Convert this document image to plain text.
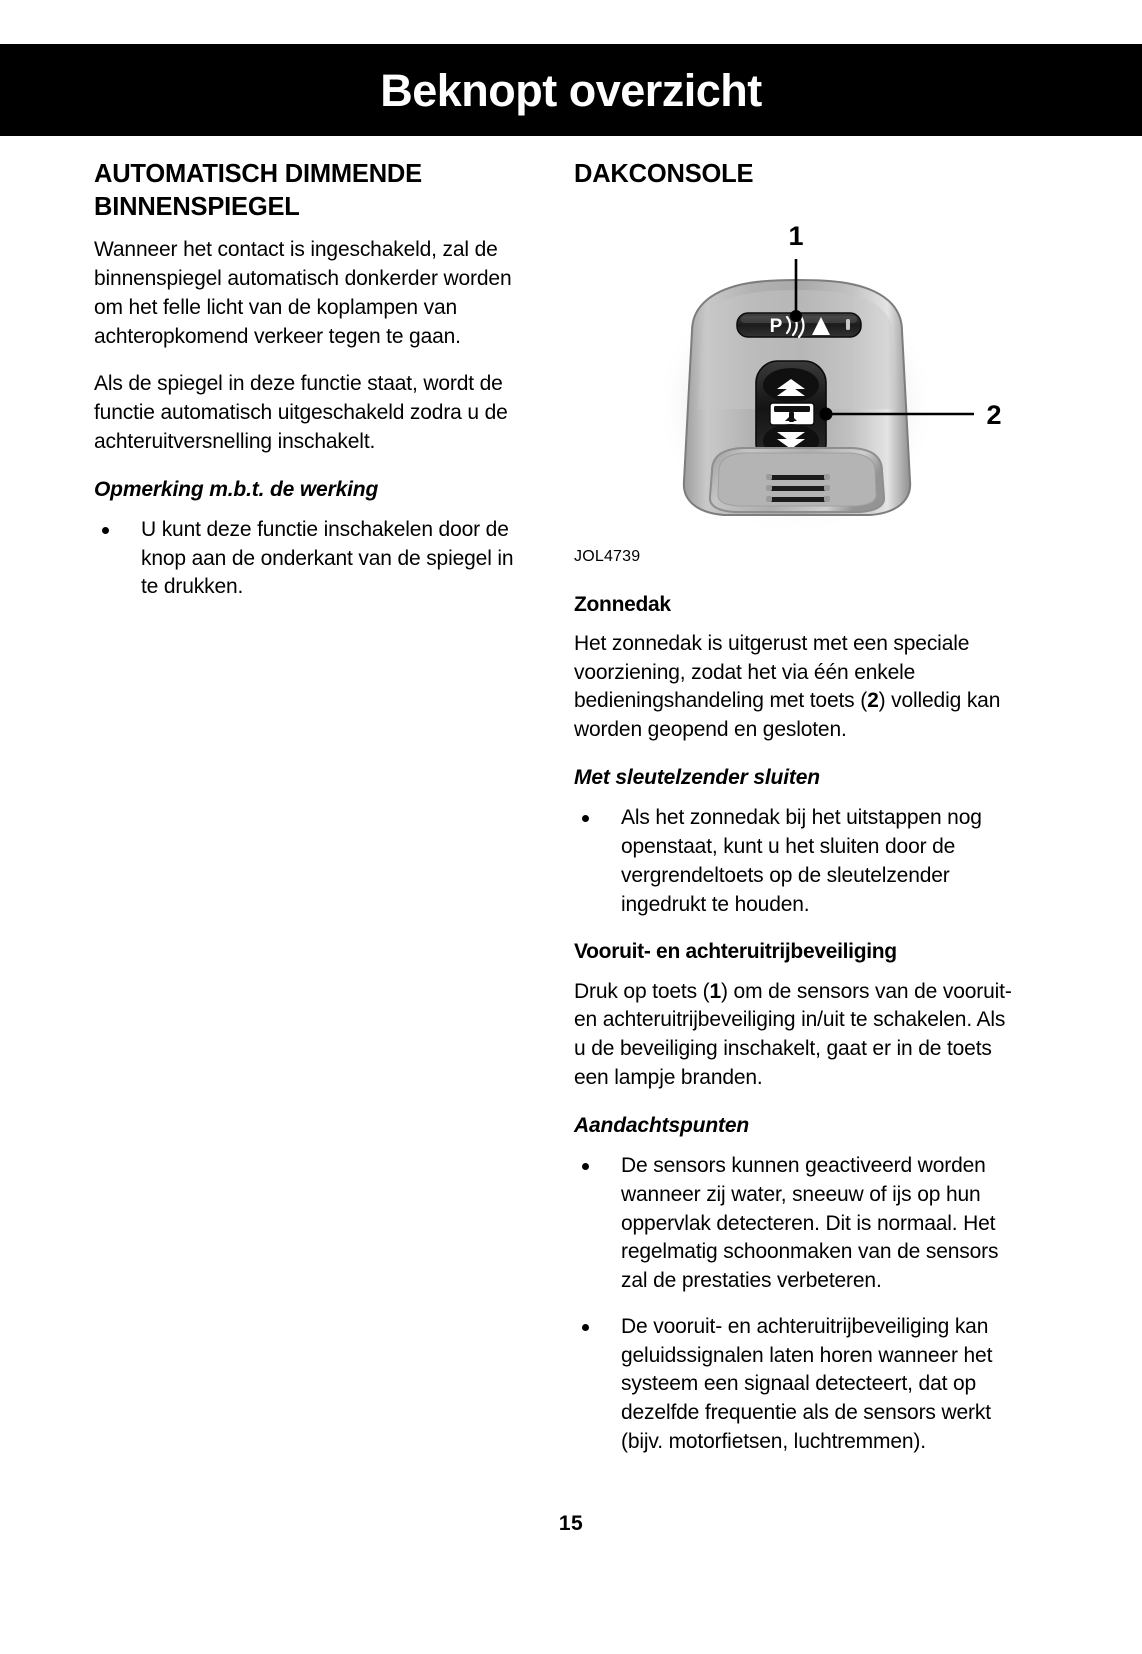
Beknopt overzicht
AUTOMATISCH DIMMENDE BINNENSPIEGEL

Wanneer het contact is ingeschakeld, zal de binnenspiegel automatisch donkerder worden om het felle licht van de koplampen van achteropkomend verkeer tegen te gaan.

Als de spiegel in deze functie staat, wordt de functie automatisch uitgeschakeld zodra u de achteruitversnelling inschakelt.

Opmerking m.b.t. de werking
U kunt deze functie inschakelen door de knop aan de onderkant van de spiegel in te drukken.
DAKCONSOLE
P
1
2
JOL4739
Zonnedak

Het zonnedak is uitgerust met een speciale voorziening, zodat het via één enkele bedieningshandeling met toets (2) volledig kan worden geopend en gesloten.

Met sleutelzender sluiten
Als het zonnedak bij het uitstappen nog openstaat, kunt u het sluiten door de vergrendeltoets op de sleutelzender ingedrukt te houden.
Vooruit- en achteruitrijbeveiliging

Druk op toets (1) om de sensors van de vooruit- en achteruitrijbeveiliging in/uit te schakelen. Als u de beveiliging inschakelt, gaat er in de toets een lampje branden.

Aandachtspunten
De sensors kunnen geactiveerd worden wanneer zij water, sneeuw of ijs op hun oppervlak detecteren. Dit is normaal. Het regelmatig schoonmaken van de sensors zal de prestaties verbeteren.
De vooruit- en achteruitrijbeveiliging kan geluidssignalen laten horen wanneer het systeem een signaal detecteert, dat op dezelfde frequentie als de sensors werkt (bijv. motorfietsen, luchtremmen).
15
